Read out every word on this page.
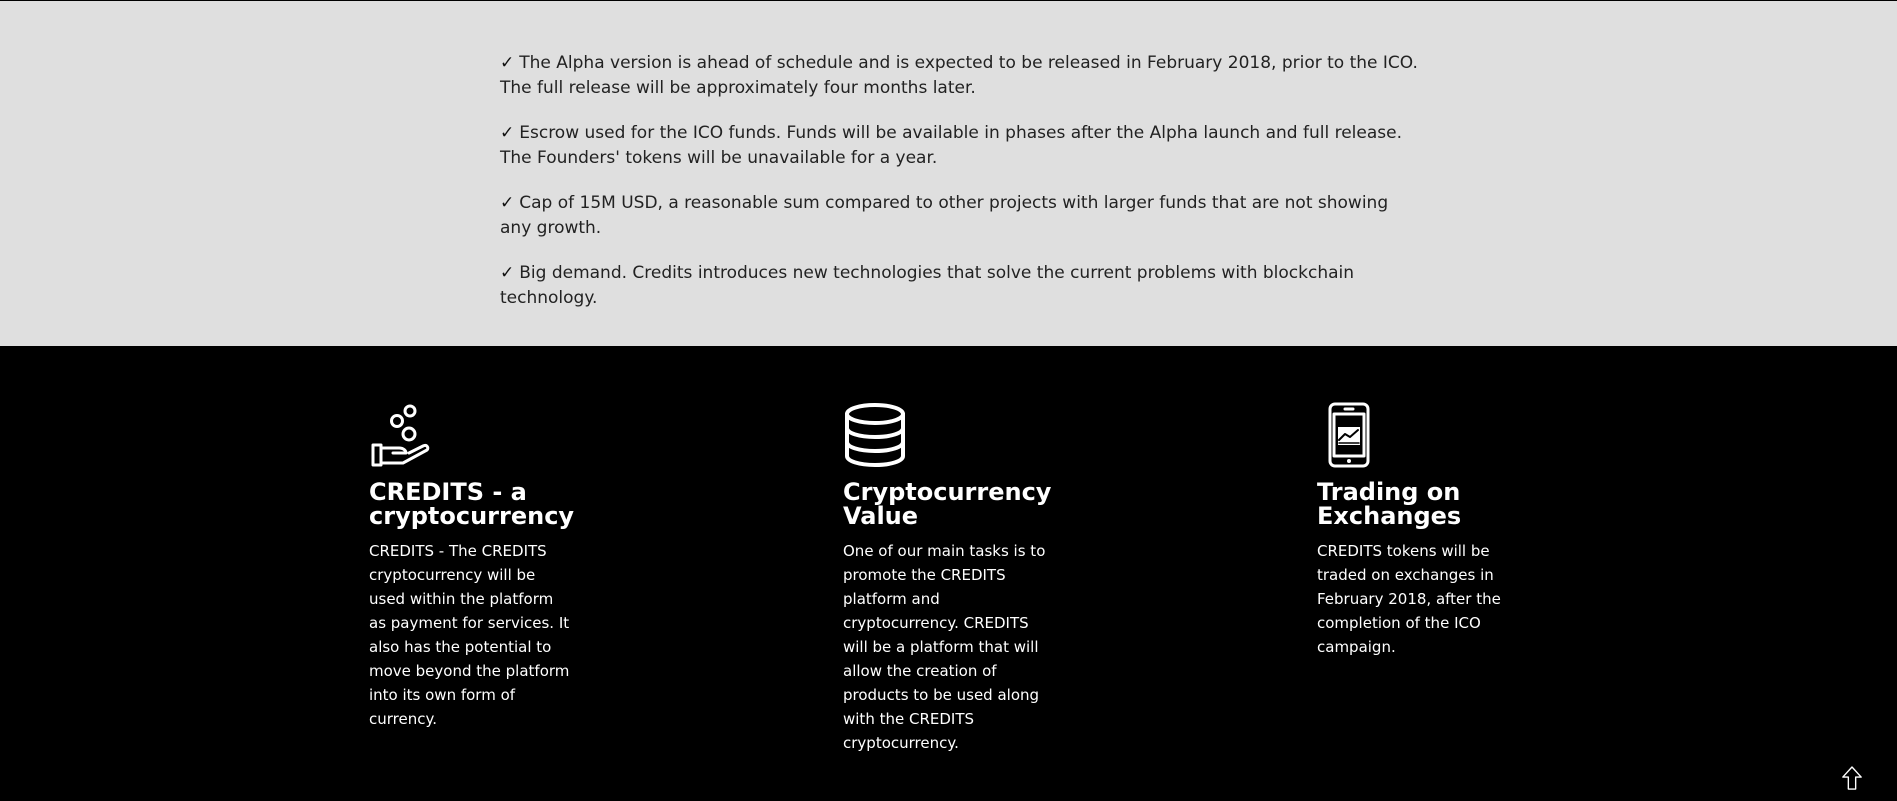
✓ The Alpha version is ahead of schedule and is expected to be released in February 2018, prior to the ICO. The full release will be approximately four months later.
✓ Escrow used for the ICO funds. Funds will be available in phases after the Alpha launch and full release. The Founders' tokens will be unavailable for a year.
✓ Cap of 15M USD, a reasonable sum compared to other projects with larger funds that are not showing any growth.
✓ Big demand. Credits introduces new technologies that solve the current problems with blockchain technology.
CREDITS - a cryptocurrency

CREDITS - The CREDITS cryptocurrency will be used within the platform as payment for services. It also has the potential to move beyond the platform into its own form of currency.

Cryptocurrency Value

One of our main tasks is to promote the CREDITS platform and cryptocurrency. CREDITS will be a platform that will allow the creation of products to be used along with the CREDITS cryptocurrency.

Trading on Exchanges

CREDITS tokens will be traded on exchanges in February 2018, after the completion of the ICO campaign.
